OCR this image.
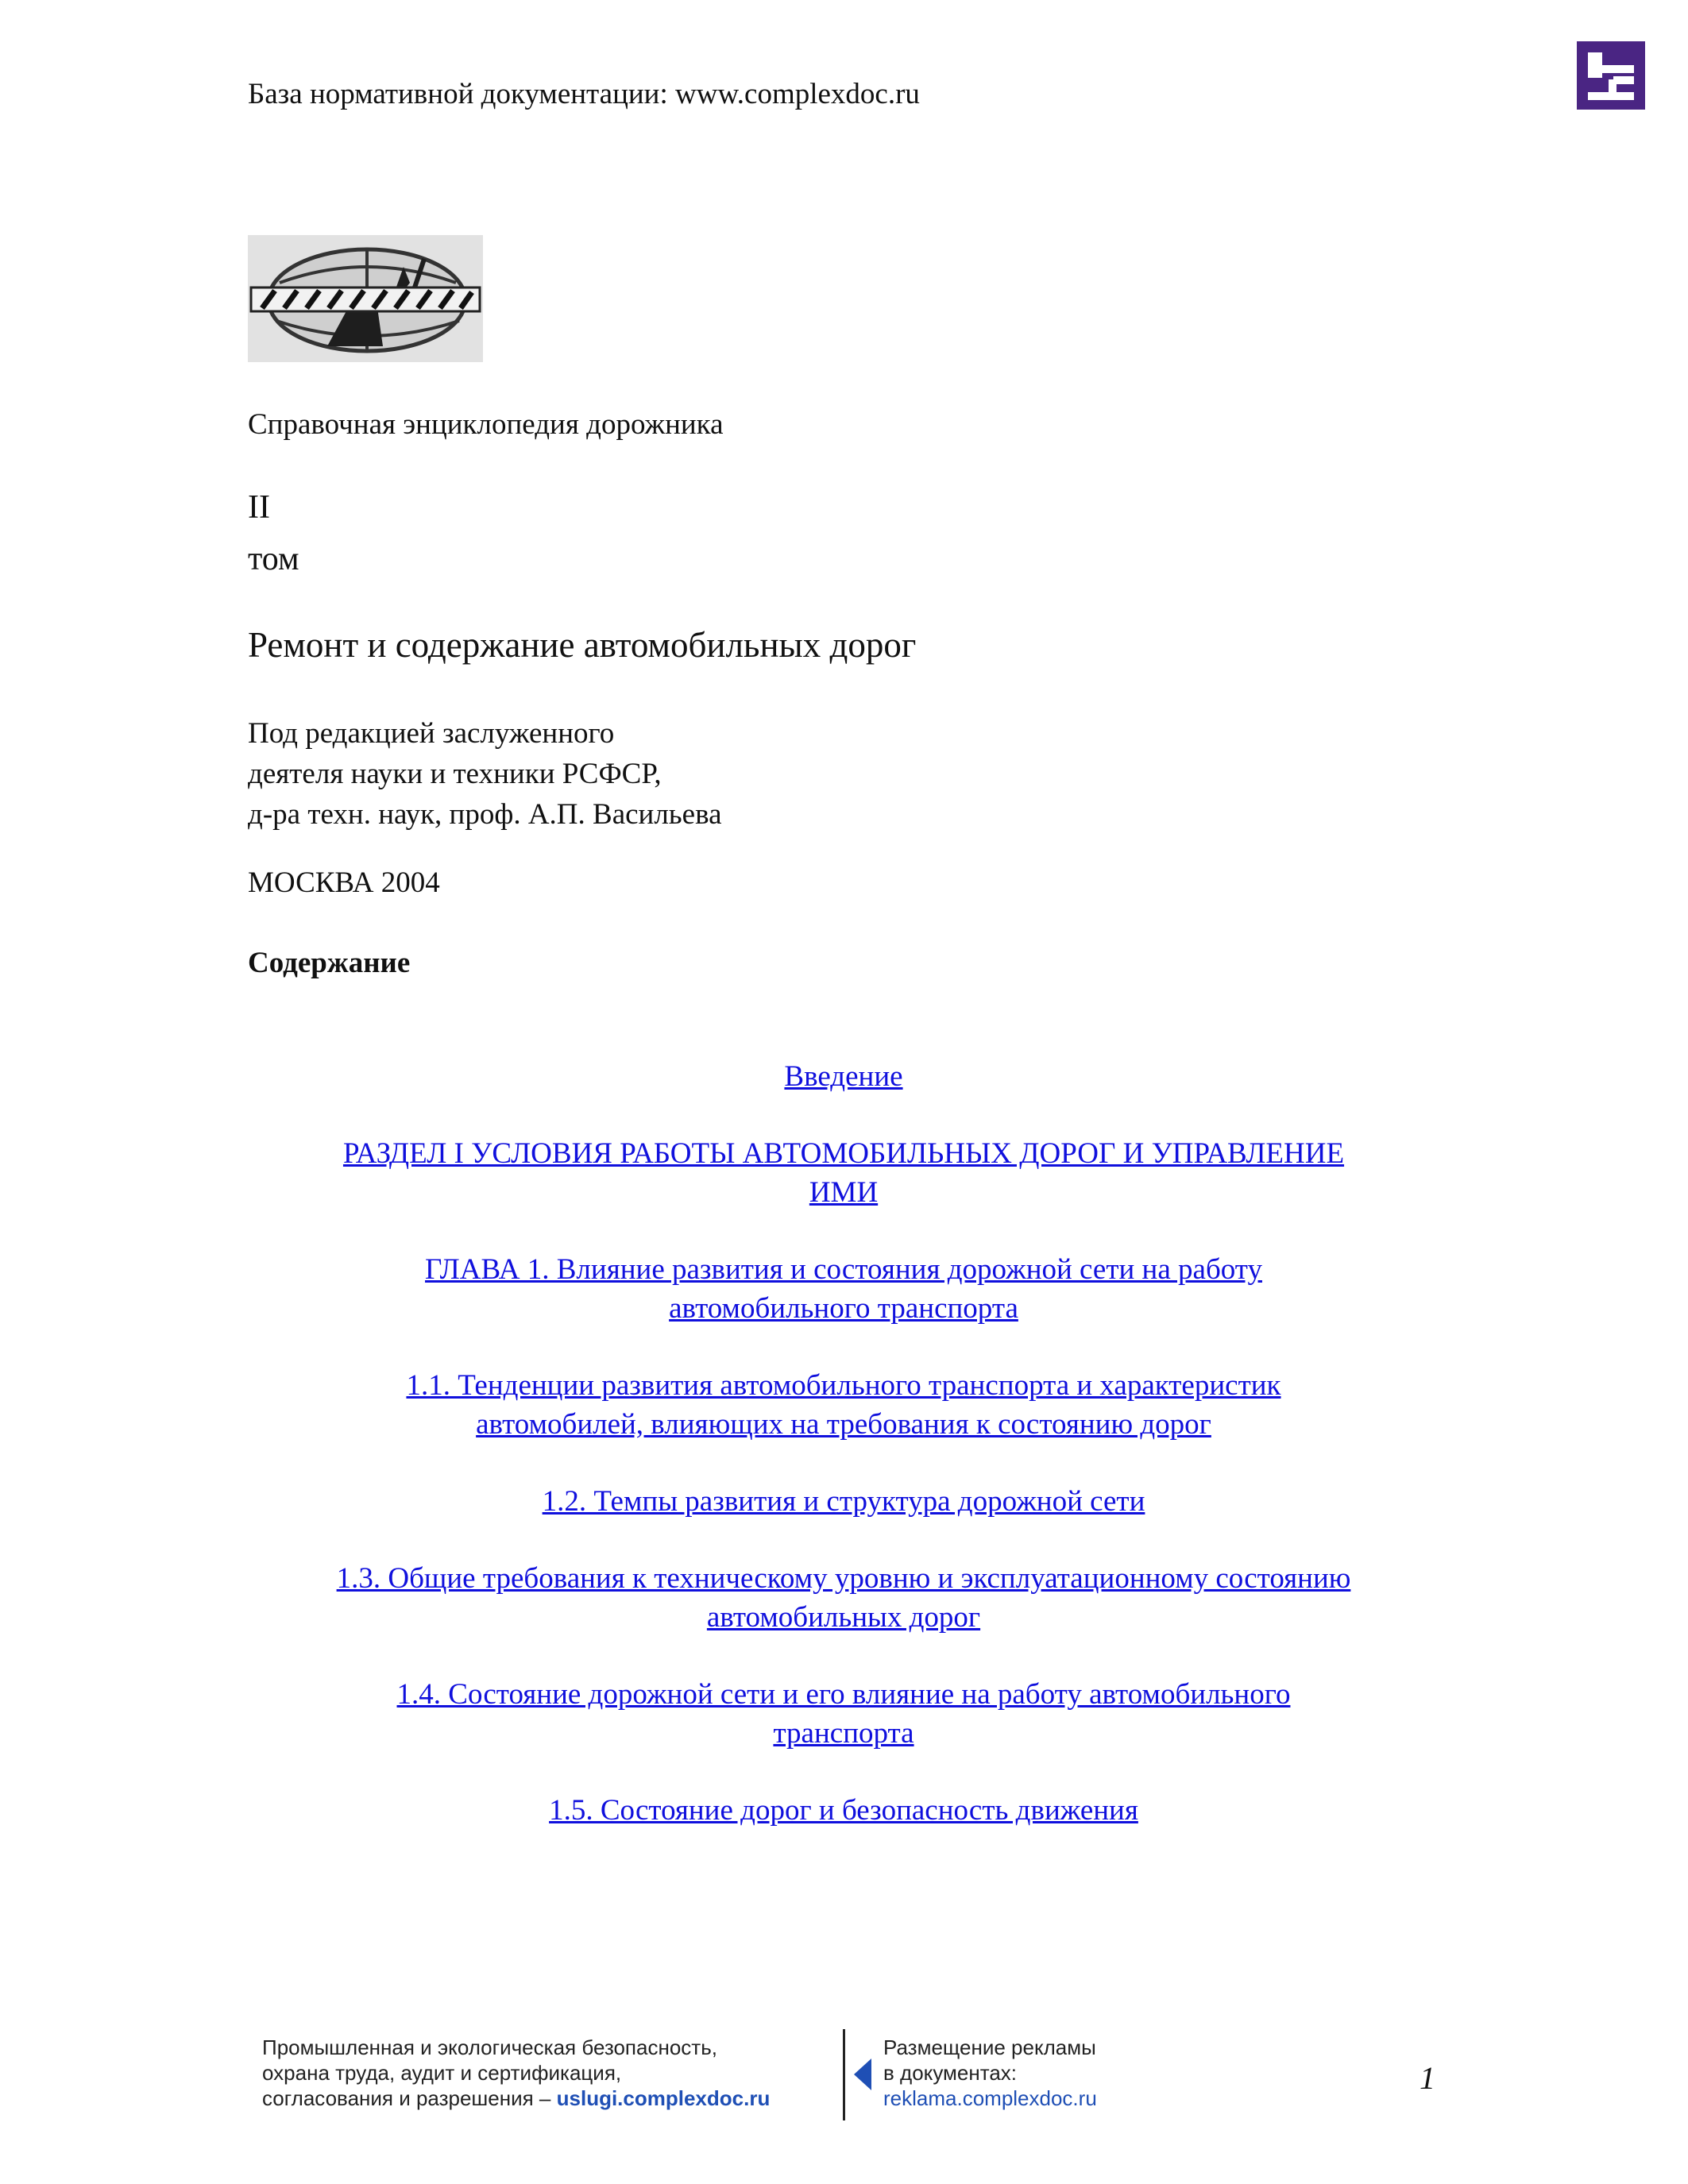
База нормативной документации: www.complexdoc.ru
Справочная энциклопедия дорожника
II
том
Ремонт и содержание автомобильных дорог
Под редакцией заслуженного
деятеля науки и техники РСФСР,
д-ра техн. наук, проф. А.П. Васильева
МОСКВА 2004
Содержание
Введение
РАЗДЕЛ I УСЛОВИЯ РАБОТЫ АВТОМОБИЛЬНЫХ ДОРОГ И УПРАВЛЕНИЕ
ИМИ
ГЛАВА 1. Влияние развития и состояния дорожной сети на работу
автомобильного транспорта
1.1. Тенденции развития автомобильного транспорта и характеристик
автомобилей, влияющих на требования к состоянию дорог
1.2. Темпы развития и структура дорожной сети
1.3. Общие требования к техническому уровню и эксплуатационному состоянию
автомобильных дорог
1.4. Состояние дорожной сети и его влияние на работу автомобильного
транспорта
1.5. Состояние дорог и безопасность движения
Промышленная и экологическая безопасность,
охрана труда, аудит и сертификация,
согласования и разрешения – uslugi.complexdoc.ru
Размещение рекламы
в документах:
reklama.complexdoc.ru
1
